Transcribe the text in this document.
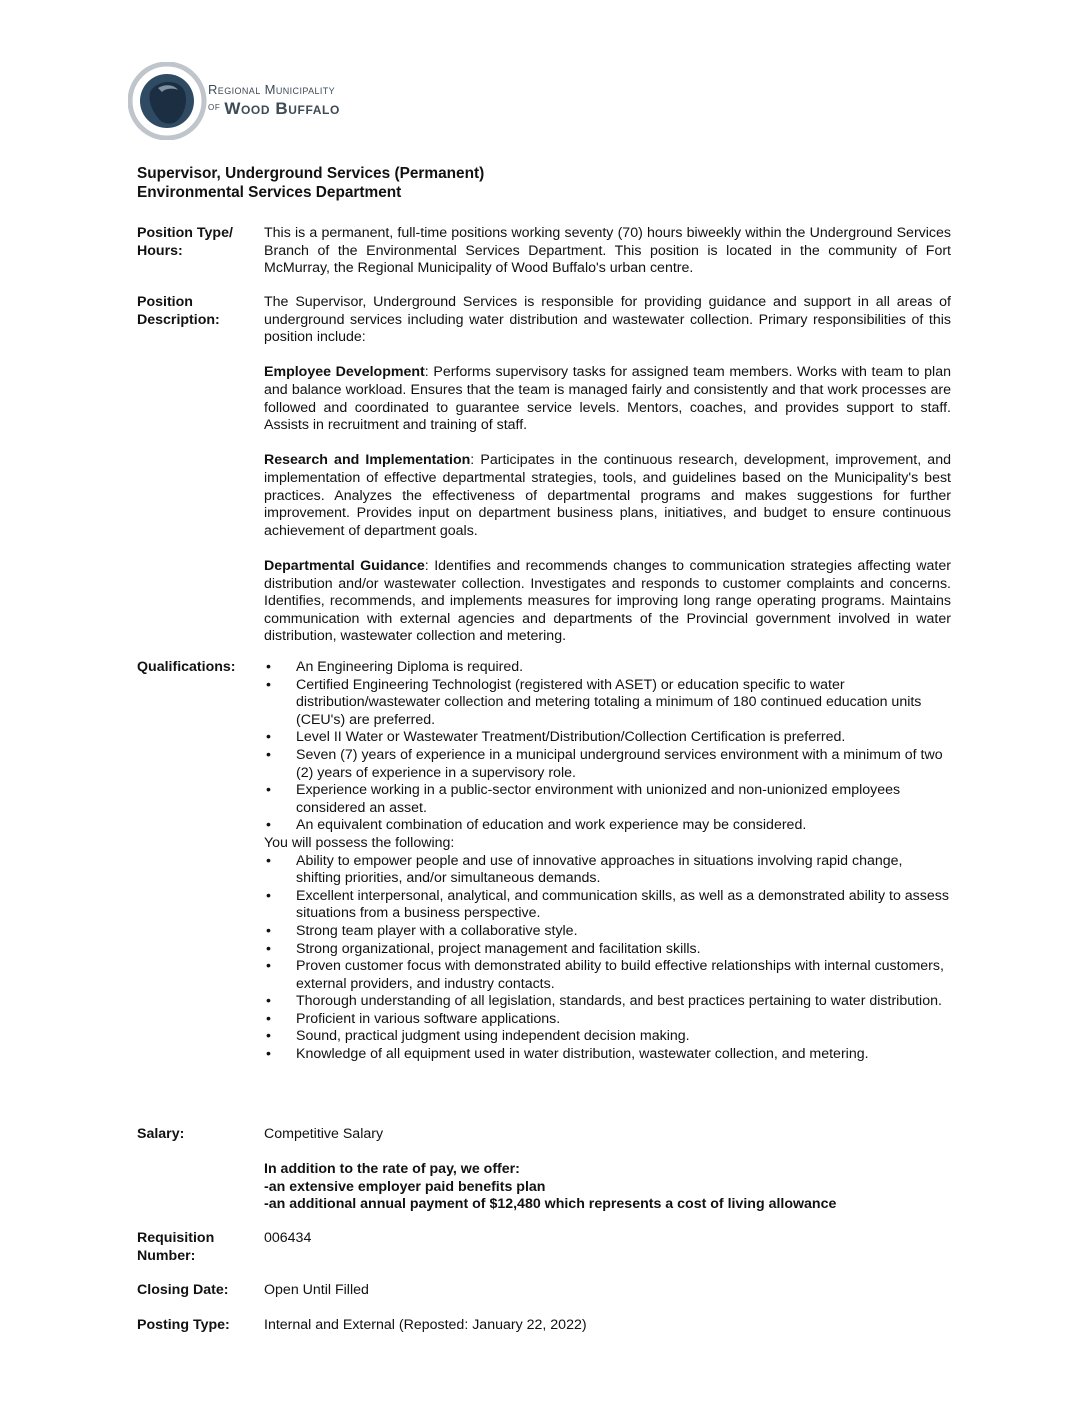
Regional Municipality
$^{of}$ Wood Buffalo
Supervisor, Underground Services (Permanent)
Environmental Services Department
Position Type/ Hours:

This is a permanent, full-time positions working seventy (70) hours biweekly within the Underground Services Branch of the Environmental Services Department. This position is located in the community of Fort McMurray, the Regional Municipality of Wood Buffalo's urban centre.

Position Description:

The Supervisor, Underground Services is responsible for providing guidance and support in all areas of underground services including water distribution and wastewater collection. Primary responsibilities of this position include:

Employee Development: Performs supervisory tasks for assigned team members. Works with team to plan and balance workload. Ensures that the team is managed fairly and consistently and that work processes are followed and coordinated to guarantee service levels. Mentors, coaches, and provides support to staff. Assists in recruitment and training of staff.

Research and Implementation: Participates in the continuous research, development, improvement, and implementation of effective departmental strategies, tools, and guidelines based on the Municipality's best practices. Analyzes the effectiveness of departmental programs and makes suggestions for further improvement. Provides input on department business plans, initiatives, and budget to ensure continuous achievement of department goals.

Departmental Guidance: Identifies and recommends changes to communication strategies affecting water distribution and/or wastewater collection. Investigates and responds to customer complaints and concerns. Identifies, recommends, and implements measures for improving long range operating programs. Maintains communication with external agencies and departments of the Provincial government involved in water distribution, wastewater collection and metering.

Qualifications:
•	An Engineering Diploma is required.
• Certified Engineering Technologist (registered with ASET) or education specific to water distribution/wastewater collection and metering totaling a minimum of 180 continued education units (CEU's) are preferred.
• Level II Water or Wastewater Treatment/Distribution/Collection Certification is preferred.
• Seven (7) years of experience in a municipal underground services environment with a minimum of two (2) years of experience in a supervisory role.
• Experience working in a public-sector environment with unionized and non-unionized employees considered an asset.
• An equivalent combination of education and work experience may be considered.

You will possess the following:

• Ability to empower people and use of innovative approaches in situations involving rapid change, shifting priorities, and/or simultaneous demands.
• Excellent interpersonal, analytical, and communication skills, as well as a demonstrated ability to assess situations from a business perspective.
• Strong team player with a collaborative style.
• Strong organizational, project management and facilitation skills.
• Proven customer focus with demonstrated ability to build effective relationships with internal customers, external providers, and industry contacts.
• Thorough understanding of all legislation, standards, and best practices pertaining to water distribution.
• Proficient in various software applications.
• Sound, practical judgment using independent decision making.
• Knowledge of all equipment used in water distribution, wastewater collection, and metering.
Salary:	Competitive Salary

In addition to the rate of pay, we offer:
-an extensive employer paid benefits plan
-an additional annual payment of $12,480 which represents a cost of living allowance

Requisition Number:

006434

Closing Date:	Open Until Filled

Posting Type:	Internal and External (Reposted: January 22, 2022)
